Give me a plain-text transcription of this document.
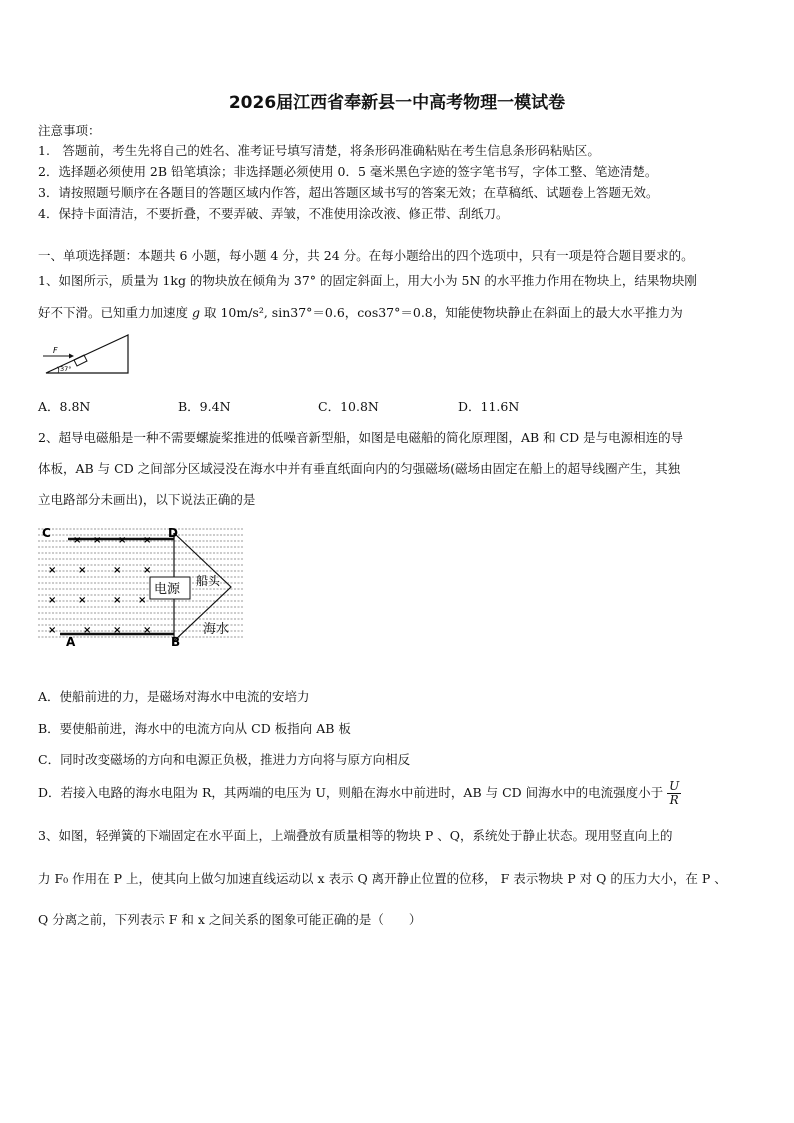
2026届江西省奉新县一中高考物理一模试卷
注意事项：
1.　答题前，考生先将自己的姓名、准考证号填写清楚，将条形码准确粘贴在考生信息条形码粘贴区。
2．选择题必须使用 2B 铅笔填涂；非选择题必须使用 0．5 毫米黑色字迹的签字笔书写，字体工整、笔迹清楚。
3．请按照题号顺序在各题目的答题区域内作答，超出答题区域书写的答案无效；在草稿纸、试题卷上答题无效。
4．保持卡面清洁，不要折叠，不要弄破、弄皱，不准使用涂改液、修正带、刮纸刀。
一、单项选择题：本题共 6 小题，每小题 4 分，共 24 分。在每小题给出的四个选项中，只有一项是符合题目要求的。
1、如图所示，质量为 1kg 的物块放在倾角为 37° 的固定斜面上，用大小为 5N 的水平推力作用在物块上，结果物块刚
好不下滑。已知重力加速度 g 取 10m/s², sin37°＝0.6，cos37°＝0.8，知能使物块静止在斜面上的最大水平推力为
F
37°
A．8.8N	B．9.4N	C．10.8N	D．11.6N
2、超导电磁船是一种不需要螺旋桨推进的低噪音新型船，如图是电磁船的简化原理图，AB 和 CD 是与电源相连的导
体板，AB 与 CD 之间部分区域浸没在海水中并有垂直纸面向内的匀强磁场(磁场由固定在船上的超导线圈产生，其独
立电路部分未画出)，以下说法正确的是
电源
船头
海水
C	D
A	B
× × × ×
× ×	× ×
× ×	× ×
×	× × ×
A．使船前进的力，是磁场对海水中电流的安培力
B．要使船前进，海水中的电流方向从 CD 板指向 AB 板
C．同时改变磁场的方向和电源正负极，推进力方向将与原方向相反
D．若接入电路的海水电阻为 R，其两端的电压为 U，则船在海水中前进时，AB 与 CD 间海水中的电流强度小于 $\frac{U}{R}$
3、如图，轻弹簧的下端固定在水平面上，上端叠放有质量相等的物块 P 、Q，系统处于静止状态。现用竖直向上的
力 F₀ 作用在 P 上，使其向上做匀加速直线运动以 x 表示 Q 离开静止位置的位移， F 表示物块 P 对 Q 的压力大小，在 P 、
Q 分离之前，下列表示 F 和 x 之间关系的图象可能正确的是（　　）
